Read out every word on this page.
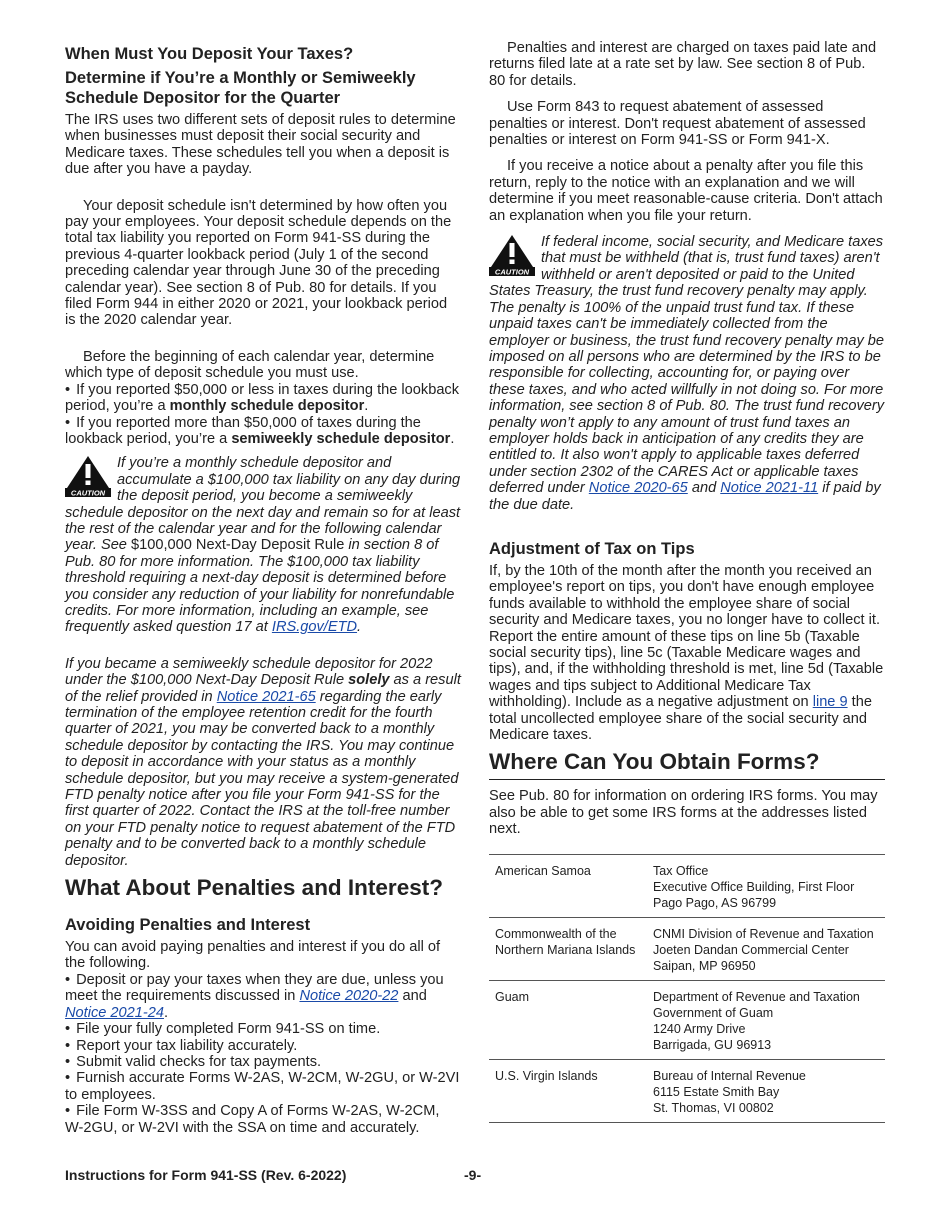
When Must You Deposit Your Taxes?
Determine if You’re a Monthly or Semiweekly Schedule Depositor for the Quarter

The IRS uses two different sets of deposit rules to determine when businesses must deposit their social security and Medicare taxes. These schedules tell you when a deposit is due after you have a payday.

Your deposit schedule isn't determined by how often you pay your employees. Your deposit schedule depends on the total tax liability you reported on Form 941-SS during the previous 4-quarter lookback period (July 1 of the second preceding calendar year through June 30 of the preceding calendar year). See section 8 of Pub. 80 for details. If you filed Form 944 in either 2020 or 2021, your lookback period is the 2020 calendar year.

Before the beginning of each calendar year, determine which type of deposit schedule you must use.

• If you reported $50,000 or less in taxes during the lookback period, you’re a monthly schedule depositor.

• If you reported more than $50,000 of taxes during the lookback period, you’re a semiweekly schedule depositor.

CAUTION
If you’re a monthly schedule depositor and accumulate a $100,000 tax liability on any day during the deposit period, you become a semiweekly schedule depositor on the next day and remain so for at least the rest of the calendar year and for the following calendar year. See $100,000 Next-Day Deposit Rule in section 8 of Pub. 80 for more information. The $100,000 tax liability threshold requiring a next-day deposit is determined before you consider any reduction of your liability for nonrefundable credits. For more information, including an example, see frequently asked question 17 at IRS.gov/ETD.

If you became a semiweekly schedule depositor for 2022 under the $100,000 Next-Day Deposit Rule solely as a result of the relief provided in Notice 2021-65 regarding the early termination of the employee retention credit for the fourth quarter of 2021, you may be converted back to a monthly schedule depositor by contacting the IRS. You may continue to deposit in accordance with your status as a monthly schedule depositor, but you may receive a system-generated FTD penalty notice after you file your Form 941-SS for the first quarter of 2022. Contact the IRS at the toll-free number on your FTD penalty notice to request abatement of the FTD penalty and to be converted back to a monthly schedule depositor.

What About Penalties and Interest?
Avoiding Penalties and Interest

You can avoid paying penalties and interest if you do all of the following.

• Deposit or pay your taxes when they are due, unless you meet the requirements discussed in Notice 2020-22 and Notice 2021-24.

• File your fully completed Form 941-SS on time.

• Report your tax liability accurately.

• Submit valid checks for tax payments.

• Furnish accurate Forms W-2AS, W-2CM, W-2GU, or W-2VI to employees.

• File Form W-3SS and Copy A of Forms W-2AS, W-2CM, W-2GU, or W-2VI with the SSA on time and accurately.

Penalties and interest are charged on taxes paid late and returns filed late at a rate set by law. See section 8 of Pub. 80 for details.

Use Form 843 to request abatement of assessed penalties or interest. Don't request abatement of assessed penalties or interest on Form 941-SS or Form 941-X.

If you receive a notice about a penalty after you file this return, reply to the notice with an explanation and we will determine if you meet reasonable-cause criteria. Don't attach an explanation when you file your return.

CAUTION
If federal income, social security, and Medicare taxes that must be withheld (that is, trust fund taxes) aren't withheld or aren't deposited or paid to the United States Treasury, the trust fund recovery penalty may apply. The penalty is 100% of the unpaid trust fund tax. If these unpaid taxes can't be immediately collected from the employer or business, the trust fund recovery penalty may be imposed on all persons who are determined by the IRS to be responsible for collecting, accounting for, or paying over these taxes, and who acted willfully in not doing so. For more information, see section 8 of Pub. 80. The trust fund recovery penalty won’t apply to any amount of trust fund taxes an employer holds back in anticipation of any credits they are entitled to. It also won't apply to applicable taxes deferred under section 2302 of the CARES Act or applicable taxes deferred under Notice 2020-65 and Notice 2021-11 if paid by the due date.
Adjustment of Tax on Tips

If, by the 10th of the month after the month you received an employee's report on tips, you don't have enough employee funds available to withhold the employee share of social security and Medicare taxes, you no longer have to collect it. Report the entire amount of these tips on line 5b (Taxable social security tips), line 5c (Taxable Medicare wages and tips), and, if the withholding threshold is met, line 5d (Taxable wages and tips subject to Additional Medicare Tax withholding). Include as a negative adjustment on line 9 the total uncollected employee share of the social security and Medicare taxes.

Where Can You Obtain Forms?

See Pub. 80 for information on ordering IRS forms. You may also be able to get some IRS forms at the addresses listed next.

American Samoa	Tax Office
Executive Office Building, First Floor
Pago Pago, AS 96799

Commonwealth of the Northern Mariana Islands	CNMI Division of Revenue and Taxation
Joeten Dandan Commercial Center
Saipan, MP 96950

Guam	Department of Revenue and Taxation
Government of Guam
1240 Army Drive
Barrigada, GU 96913

U.S. Virgin Islands	Bureau of Internal Revenue
6115 Estate Smith Bay
St. Thomas, VI 00802
Instructions for Form 941-SS (Rev. 6-2022)	-9-
